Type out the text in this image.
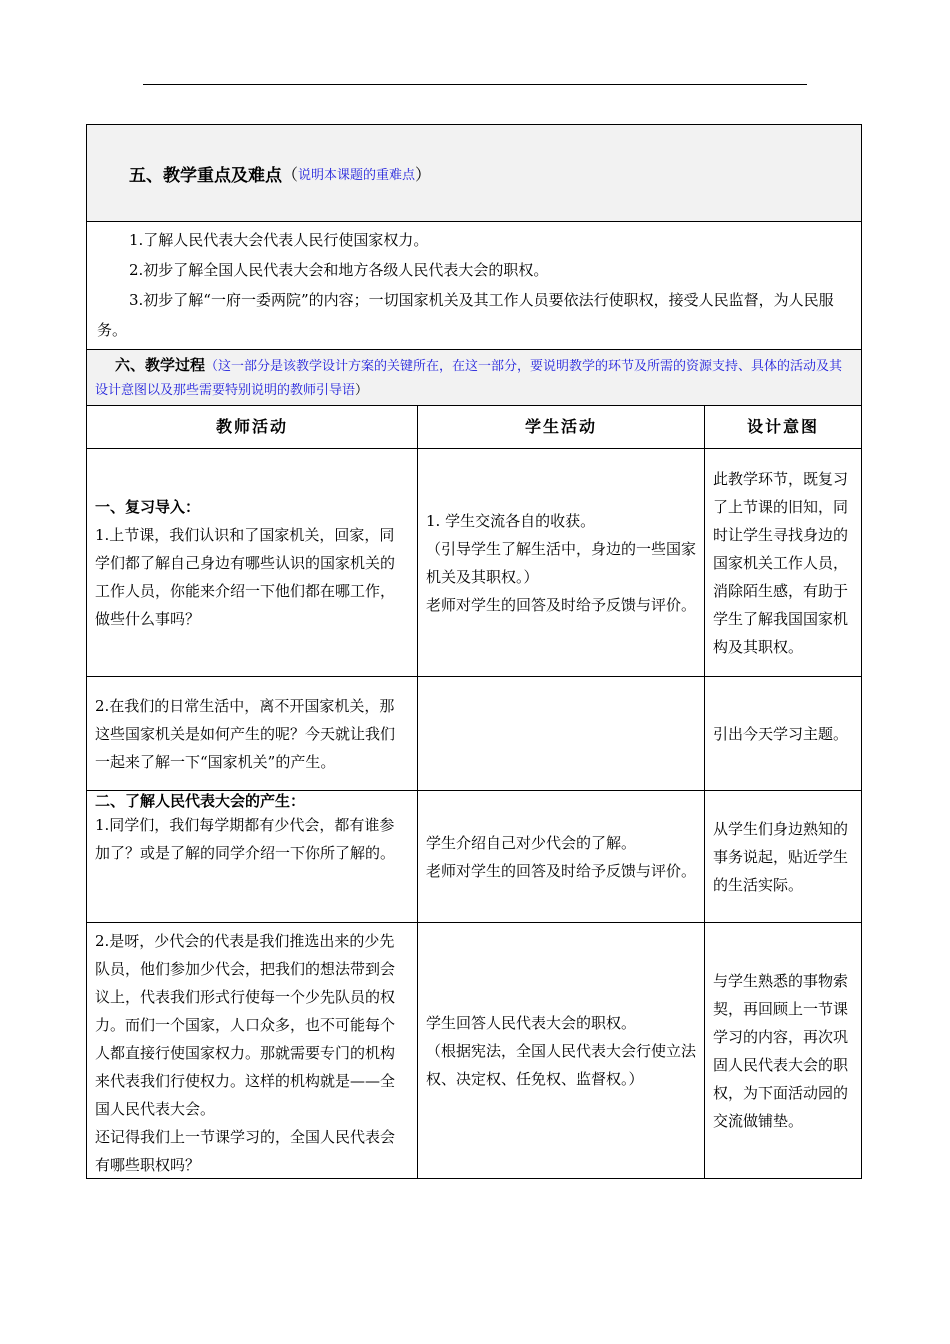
五、教学重点及难点 （ 说明本课题的重难点 ）

1.了解人民代表大会代表人民行使国家权力。

2.初步了解全国人民代表大会和地方各级人民代表大会的职权。

3.初步了解“一府一委两院”的内容；一切国家机关及其工作人员要依法行使职权，接受人民监督，为人民服务。

六、教学过程（这一部分是该教学设计方案的关键所在，在这一部分，要说明教学的环节及所需的资源支持、具体的活动及其设计意图以及那些需要特别说明的教师引导语）
教师活动	学生活动	设计意图
一、复习导入：
1.上节课，我们认识和了国家机关，回家，同学们都了解自己身边有哪些认识的国家机关的工作人员，你能来介绍一下他们都在哪工作，做些什么事吗？
1. 学生交流各自的收获。
（引导学生了解生活中，身边的一些国家机关及其职权。）
老师对学生的回答及时给予反馈与评价。
此教学环节，既复习了上节课的旧知，同时让学生寻找身边的国家机关工作人员，消除陌生感，有助于学生了解我国国家机构及其职权。
2.在我们的日常生活中，离不开国家机关，那这些国家机关是如何产生的呢？今天就让我们一起来了解一下“国家机关”的产生。
引出今天学习主题。
二、了解人民代表大会的产生：
1.同学们，我们每学期都有少代会，都有谁参加了？或是了解的同学介绍一下你所了解的。
学生介绍自己对少代会的了解。
老师对学生的回答及时给予反馈与评价。
从学生们身边熟知的事务说起，贴近学生的生活实际。
2.是呀，少代会的代表是我们推选出来的少先队员，他们参加少代会，把我们的想法带到会议上，代表我们形式行使每一个少先队员的权力。而们一个国家，人口众多，也不可能每个人都直接行使国家权力。那就需要专门的机构来代表我们行使权力。这样的机构就是——全国人民代表大会。
还记得我们上一节课学习的，全国人民代表会有哪些职权吗？
学生回答人民代表大会的职权。
（根据宪法，全国人民代表大会行使立法权、决定权、任免权、监督权。）
与学生熟悉的事物索契，再回顾上一节课学习的内容，再次巩固人民代表大会的职权，为下面活动园的交流做铺垫。
